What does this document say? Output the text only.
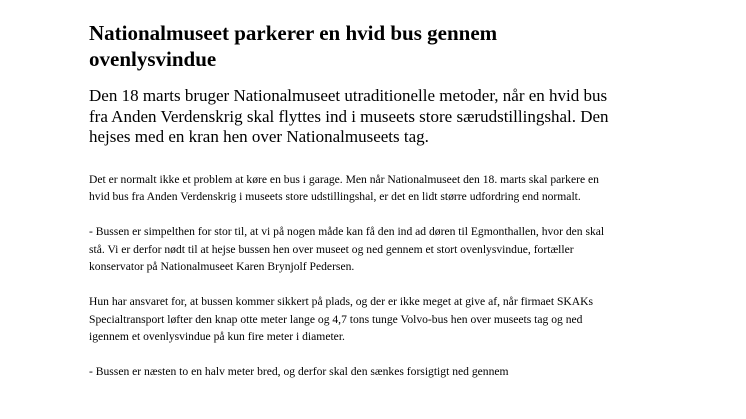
Nationalmuseet parkerer en hvid bus gennem ovenlysvindue

Den 18 marts bruger Nationalmuseet utraditionelle metoder, når en hvid bus fra Anden Verdenskrig skal flyttes ind i museets store særudstillingshal. Den hejses med en kran hen over Nationalmuseets tag.

Det er normalt ikke et problem at køre en bus i garage. Men når Nationalmuseet den 18. marts skal parkere en hvid bus fra Anden Verdenskrig i museets store udstillingshal, er det en lidt større udfordring end normalt.

- Bussen er simpelthen for stor til, at vi på nogen måde kan få den ind ad døren til Egmonthallen, hvor den skal stå. Vi er derfor nødt til at hejse bussen hen over museet og ned gennem et stort ovenlysvindue, fortæller konservator på Nationalmuseet Karen Brynjolf Pedersen.

Hun har ansvaret for, at bussen kommer sikkert på plads, og der er ikke meget at give af, når firmaet SKAKs Specialtransport løfter den knap otte meter lange og 4,7 tons tunge Volvo-bus hen over museets tag og ned igennem et ovenlysvindue på kun fire meter i diameter.

- Bussen er næsten to en halv meter bred, og derfor skal den sænkes forsigtigt ned gennem
